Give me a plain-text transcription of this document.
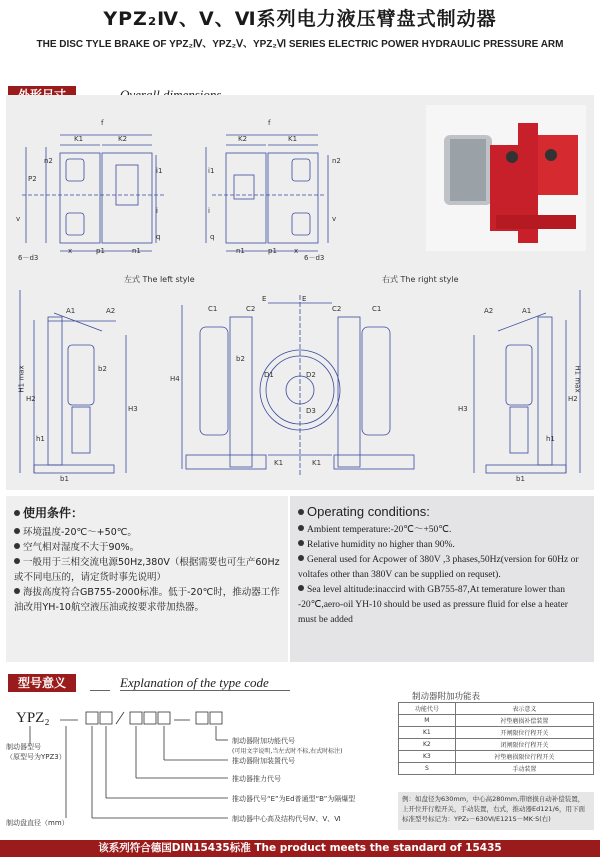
YPZ₂Ⅳ、Ⅴ、Ⅵ系列电力液压臂盘式制动器
THE DISC TYLE BRAKE OF YPZ₂Ⅳ、YPZ₂Ⅴ、YPZ₂Ⅵ SERIES ELECTRIC POWER HYDRAULIC PRESSURE ARM
左式 The left style	右式 The right style
f
K2
K1
P2
n2
i1
i
v
6－d3
x	p1	n1
q
f
K2	K1
i1
i
n2
n1	p1
q
6－d3
x
v
A1	A2
H1 max
H2
H3
h1
b1
b2
E	E
C1	C2	C1
C2
H4
b2
D1	D2
D3
K1	K1
A2	A1
H1 max
H2
H3
h1
b1
使用条件：
环境温度-20℃～+50℃。
空气相对湿度不大于90%。
一般用于三相交流电源50Hz,380V（根据需要也可生产60Hz或不同电压的，请定货时事先说明）
海拔高度符合GB755-2000标准。低于-20℃时，推动器工作油改用YH-10航空液压油或按要求带加热器。
Operating conditions:
Ambient temperature:-20℃～+50℃.
Relative humidity no higher than 90%.
General used for Acpower of 380V ,3 phases,50Hz(version for 60Hz or voltafes other than 380V can be supplied on requset).
Sea level altitude:inaccird with GB755-87,At temerature lower than -20℃,aero-oil YH-10 should be used as pressure fluid for else a heater must be added
型号意义	Explanation of the type code
YPZ₂
制动器型号
（原型号为YPZ3）
制动盘直径（mm）
制动器附加功能代号
(可用文字说明,当左式时不标,右式时标注)
推动器附加装置代号
推动器推力代号
推动器代号“E”为Ed普通型“B”为隔爆型
制动器中心高及结构代号Ⅳ、Ⅴ、Ⅵ
制动器附加功能表
功能代号	表示意义
M	衬垫磨损补偿装置
K1	开闸限位行程开关
K2	闭闸限位行程开关
K3	衬垫磨损限位行程开关
S	手动装置
例：如盘径为630mm，中心高280mm,带磨损自动补偿装置，上开位开行程开关，手动装置，右式，推动器Ed121/6，用下面标准型号标记为：YPZ₂－630Ⅵ/E121S－MK·S(右)
该系列符合德国DIN15435标准 The product meets the standard of 15435
